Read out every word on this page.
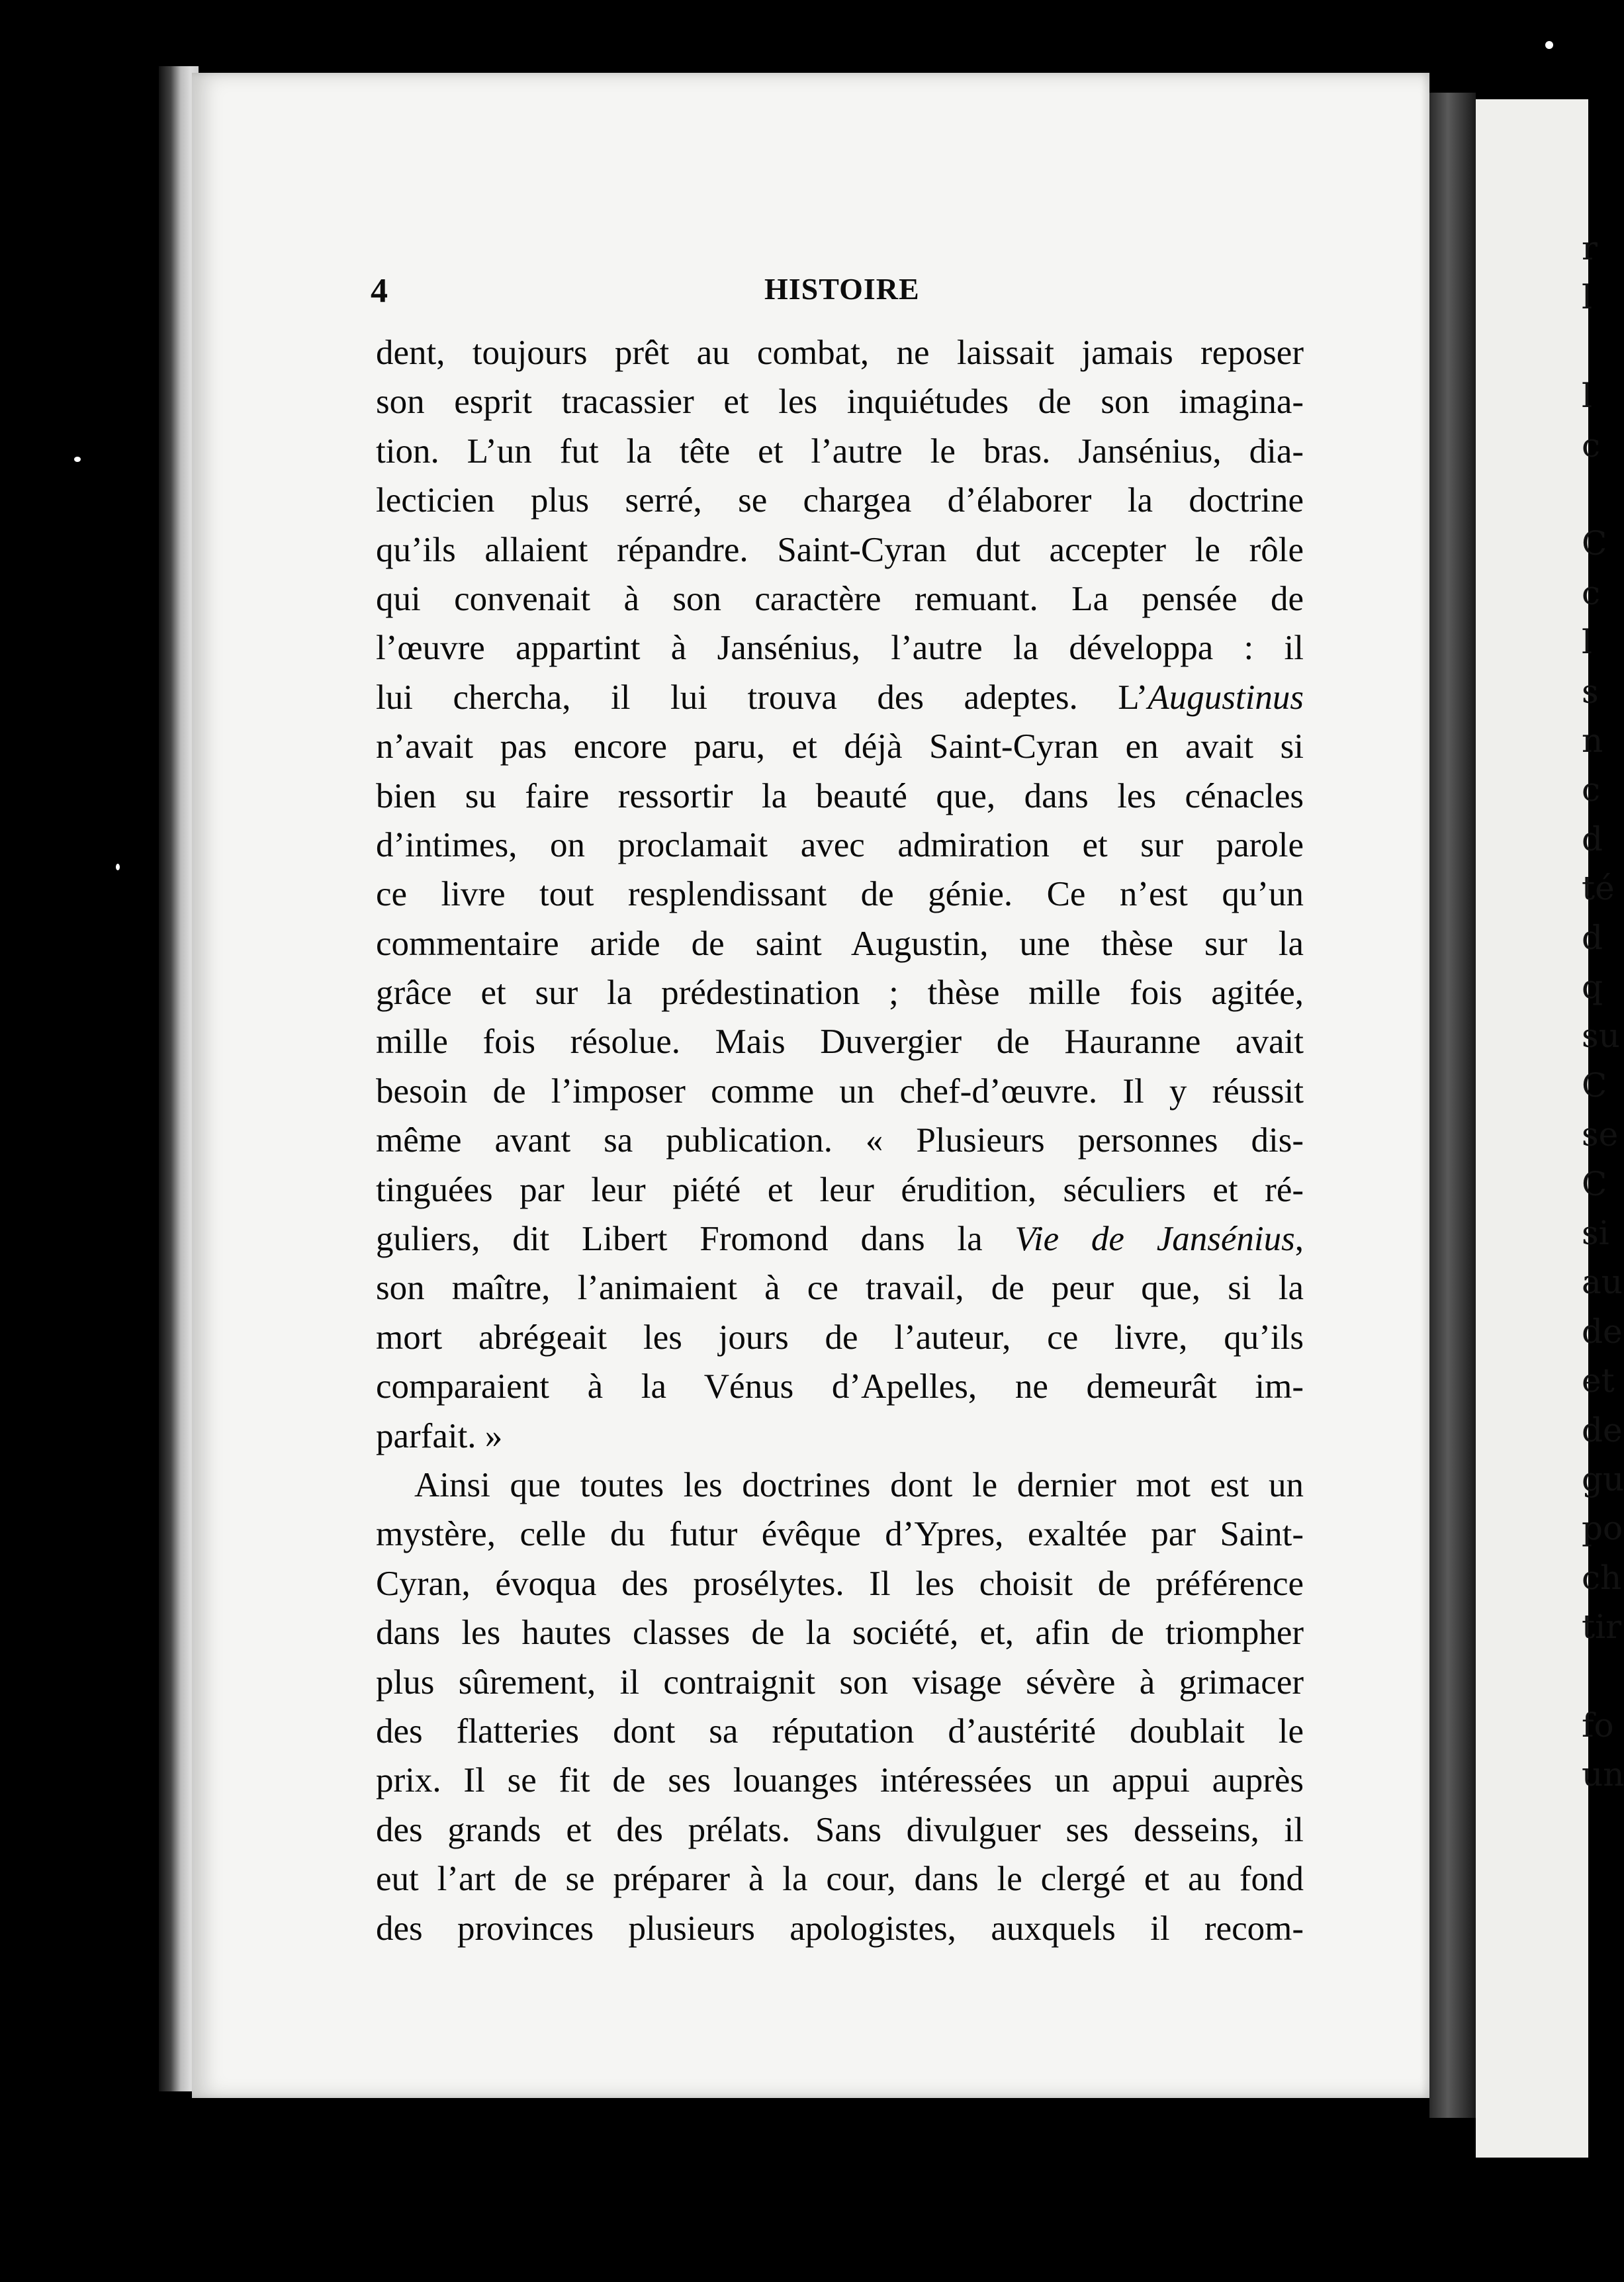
4	HISTOIRE
dent, toujours prêt au combat, ne laissait jamais reposer
son esprit tracassier et les inquiétudes de son imagina-
tion. L’un fut la tête et l’autre le bras. Jansénius, dia-
lecticien plus serré, se chargea d’élaborer la doctrine
qu’ils allaient répandre. Saint-Cyran dut accepter le rôle
qui convenait à son caractère remuant. La pensée de
l’œuvre appartint à Jansénius, l’autre la développa : il
lui chercha, il lui trouva des adeptes. L’Augustinus
n’avait pas encore paru, et déjà Saint-Cyran en avait si
bien su faire ressortir la beauté que, dans les cénacles
d’intimes, on proclamait avec admiration et sur parole
ce livre tout resplendissant de génie. Ce n’est qu’un
commentaire aride de saint Augustin, une thèse sur la
grâce et sur la prédestination ; thèse mille fois agitée,
mille fois résolue. Mais Duvergier de Hauranne avait
besoin de l’imposer comme un chef-d’œuvre. Il y réussit
même avant sa publication. « Plusieurs personnes dis-
tinguées par leur piété et leur érudition, séculiers et ré-
guliers, dit Libert Fromond dans la Vie de Jansénius,
son maître, l’animaient à ce travail, de peur que, si la
mort abrégeait les jours de l’auteur, ce livre, qu’ils
comparaient à la Vénus d’Apelles, ne demeurât im-
parfait. »
Ainsi que toutes les doctrines dont le dernier mot est un
mystère, celle du futur évêque d’Ypres, exaltée par Saint-
Cyran, évoqua des prosélytes. Il les choisit de préférence
dans les hautes classes de la société, et, afin de triompher
plus sûrement, il contraignit son visage sévère à grimacer
des flatteries dont sa réputation d’austérité doublait le
prix. Il se fit de ses louanges intéressées un appui auprès
des grands et des prélats. Sans divulguer ses desseins, il
eut l’art de se préparer à la cour, dans le clergé et au fond
des provinces plusieurs apologistes, auxquels il recom-
r
l
l
c
C
c
l
s
n
c
d
té
d
q
su
C
se
C
si
au
de
et
de
gu
po
ch
tir
fo
un
